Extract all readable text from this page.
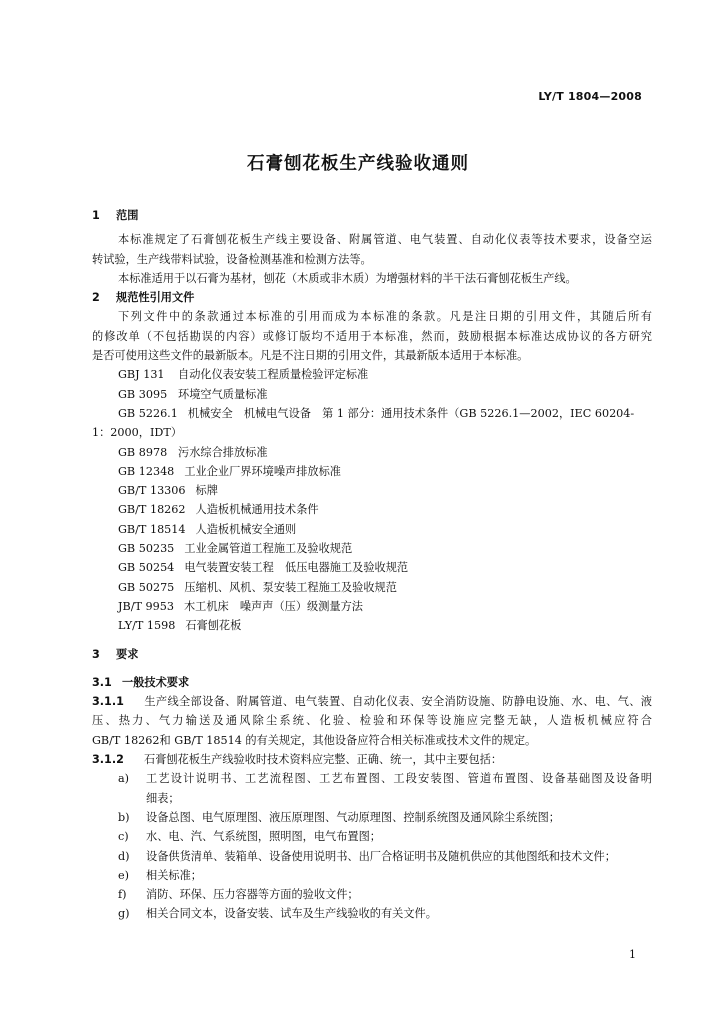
LY/T 1804—2008
石膏刨花板生产线验收通则
1 范围
本标准规定了石膏刨花板生产线主要设备、附属管道、电气装置、自动化仪表等技术要求，设备空运
转试验，生产线带料试验，设备检测基准和检测方法等。
本标准适用于以石膏为基材，刨花（木质或非木质）为增强材料的半干法石膏刨花板生产线。
2 规范性引用文件
下列文件中的条款通过本标准的引用而成为本标准的条款。凡是注日期的引用文件，其随后所有
的修改单（不包括勘误的内容）或修订版均不适用于本标准，然而，鼓励根据本标准达成协议的各方研究
是否可使用这些文件的最新版本。凡是不注日期的引用文件，其最新版本适用于本标准。
GBJ 131 自动化仪表安装工程质量检验评定标准
GB 3095 环境空气质量标准
GB 5226.1 机械安全　机械电气设备　第 1 部分：通用技术条件（GB 5226.1—2002，IEC 60204-
1：2000，IDT）
GB 8978 污水综合排放标准
GB 12348 工业企业厂界环境噪声排放标准
GB/T 13306 标牌
GB/T 18262 人造板机械通用技术条件
GB/T 18514 人造板机械安全通则
GB 50235 工业金属管道工程施工及验收规范
GB 50254 电气装置安装工程　低压电器施工及验收规范
GB 50275 压缩机、风机、泵安装工程施工及验收规范
JB/T 9953 木工机床　噪声声（压）级测量方法
LY/T 1598 石膏刨花板
3 要求
3.1 一般技术要求
3.1.1 生产线全部设备、附属管道、电气装置、自动化仪表、安全消防设施、防静电设施、水、电、气、液
压、热力、气力输送及通风除尘系统、化验、检验和环保等设施应完整无缺，人造板机械应符合
GB/T 18262和 GB/T 18514 的有关规定，其他设备应符合相关标准或技术文件的规定。
3.1.2 石膏刨花板生产线验收时技术资料应完整、正确、统一，其中主要包括：
a)	工艺设计说明书、工艺流程图、工艺布置图、工段安装图、管道布置图、设备基础图及设备明
细表；
b)	设备总图、电气原理图、液压原理图、气动原理图、控制系统图及通风除尘系统图；
c)	水、电、汽、气系统图，照明图，电气布置图；
d)	设备供货清单、装箱单、设备使用说明书、出厂合格证明书及随机供应的其他图纸和技术文件；
e)	相关标准；
f)	消防、环保、压力容器等方面的验收文件；
g)	相关合同文本，设备安装、试车及生产线验收的有关文件。
1
